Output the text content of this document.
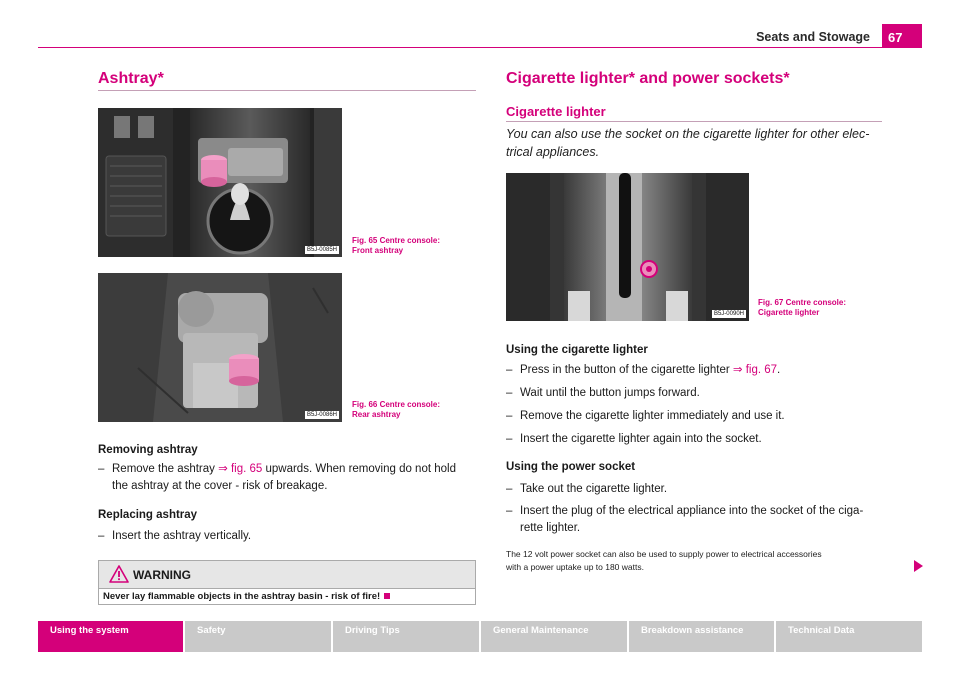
Seats and Stowage	67
Ashtray*
B5J-0085H
Fig. 65 Centre console:
Front ashtray
B5J-0086H
Fig. 66 Centre console:
Rear ashtray
Removing ashtray
– Remove the ashtray ⇒ fig. 65 upwards. When removing do not hold
the ashtray at the cover - risk of breakage.
Replacing ashtray
– Insert the ashtray vertically.
WARNING
Never lay flammable objects in the ashtray basin - risk of fire!
Cigarette lighter* and power sockets*
Cigarette lighter
You can also use the socket on the cigarette lighter for other elec-
trical appliances.
B5J-0090H
Fig. 67 Centre console:
Cigarette lighter
Using the cigarette lighter
– Press in the button of the cigarette lighter ⇒ fig. 67.
– Wait until the button jumps forward.
– Remove the cigarette lighter immediately and use it.
– Insert the cigarette lighter again into the socket.
Using the power socket
– Take out the cigarette lighter.
– Insert the plug of the electrical appliance into the socket of the ciga-
rette lighter.
The 12 volt power socket can also be used to supply power to electrical accessories
with a power uptake up to 180 watts.
Using the system	Safety	Driving Tips	General Maintenance	Breakdown assistance	Technical Data
